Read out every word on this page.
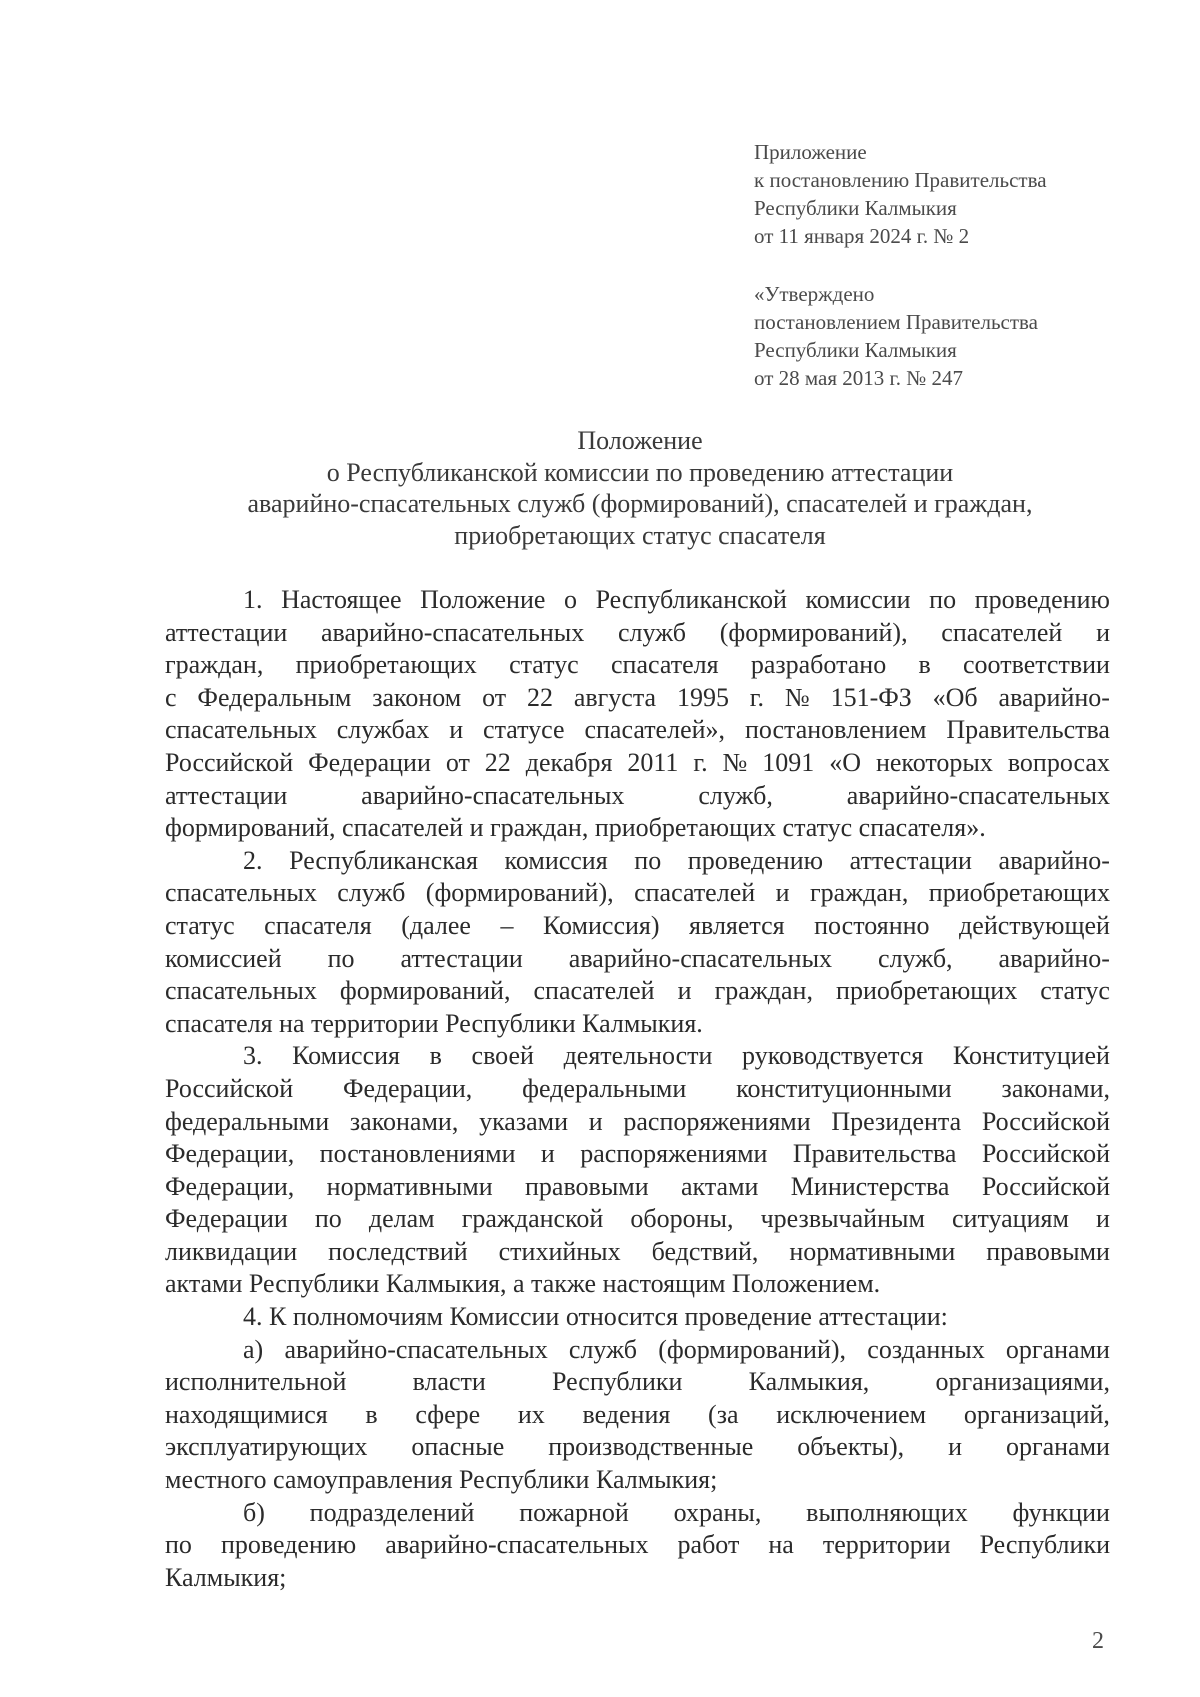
Приложение
к постановлению Правительства
Республики Калмыкия
от 11 января 2024 г. № 2
«Утверждено
постановлением Правительства
Республики Калмыкия
от 28 мая 2013 г. № 247
Положение
о Республиканской комиссии по проведению аттестации
аварийно-спасательных служб (формирований), спасателей и граждан,
приобретающих статус спасателя
1. Настоящее Положение о Республиканской комиссии по проведению
аттестации аварийно-спасательных служб (формирований), спасателей и
граждан, приобретающих статус спасателя разработано в соответствии
с Федеральным законом от 22 августа 1995 г. № 151-ФЗ «Об аварийно-
спасательных службах и статусе спасателей», постановлением Правительства
Российской Федерации от 22 декабря 2011 г. № 1091 «О некоторых вопросах
аттестации	аварийно-спасательных	служб,	аварийно-спасательных
формирований, спасателей и граждан, приобретающих статус спасателя».
2. Республиканская комиссия по проведению аттестации аварийно-
спасательных служб (формирований), спасателей и граждан, приобретающих
статус спасателя (далее – Комиссия) является постоянно действующей
комиссией по аттестации аварийно-спасательных служб, аварийно-
спасательных формирований, спасателей и граждан, приобретающих статус
спасателя на территории Республики Калмыкия.
3. Комиссия в своей деятельности руководствуется Конституцией
Российской Федерации, федеральными конституционными законами,
федеральными законами, указами и распоряжениями Президента Российской
Федерации, постановлениями и распоряжениями Правительства Российской
Федерации, нормативными правовыми актами Министерства Российской
Федерации по делам гражданской обороны, чрезвычайным ситуациям и
ликвидации последствий стихийных бедствий, нормативными правовыми
актами Республики Калмыкия, а также настоящим Положением.
4. К полномочиям Комиссии относится проведение аттестации:
а) аварийно-спасательных служб (формирований), созданных органами
исполнительной	власти	Республики	Калмыкия,	организациями,
находящимися в сфере их ведения (за исключением организаций,
эксплуатирующих опасные производственные объекты), и органами
местного самоуправления Республики Калмыкия;
б) подразделений пожарной охраны, выполняющих функции
по проведению аварийно-спасательных работ на территории Республики
Калмыкия;
2
